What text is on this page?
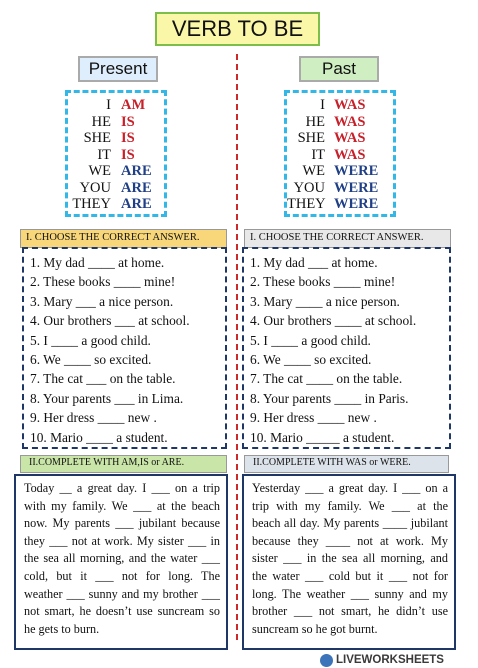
VERB TO BE
Present	Past
I AM
HE IS
SHE IS
IT IS
WE ARE
YOU ARE
THEY ARE
I WAS
HE WAS
SHE WAS
IT WAS
WE WERE
YOU WERE
THEY WERE
I. CHOOSE THE CORRECT ANSWER.	I. CHOOSE THE CORRECT ANSWER.
1. My dad ____ at home.
2. These books ____ mine!
3. Mary ___ a nice person.
4. Our brothers ___ at school.
5. I ____ a good child.
6. We ____ so excited.
7. The cat ___ on the table.
8. Your parents ___ in Lima.
9. Her dress ____ new .
10. Mario ____ a student.
1. My dad ___ at home.
2. These books ____ mine!
3. Mary ____ a nice person.
4. Our brothers ____ at school.
5. I ____ a good child.
6. We ____ so excited.
7. The cat ____ on the table.
8. Your parents ____ in Paris.
9. Her dress ____ new .
10. Mario _____ a student.
II.COMPLETE WITH AM,IS or ARE.	II.COMPLETE WITH WAS or WERE.
Today __ a great day. I ___ on a trip with my family. We ___ at the beach now. My parents ___ jubilant because they ___ not at work. My sister ___ in the sea all morning, and the water ___ cold, but it ___ not for long. The weather ___ sunny and my brother ___ not smart, he doesn’t use suncream so he gets to burn.
Yesterday ___ a great day. I ___ on a trip with my family. We ___ at the beach all day. My parents ____ jubilant because they ____ not at work. My sister ___ in the sea all morning, and the water ___ cold but it ___ not for long. The weather ___ sunny and my brother ___ not smart, he didn’t use suncream so he got burnt.
LIVEWORKSHEETS
